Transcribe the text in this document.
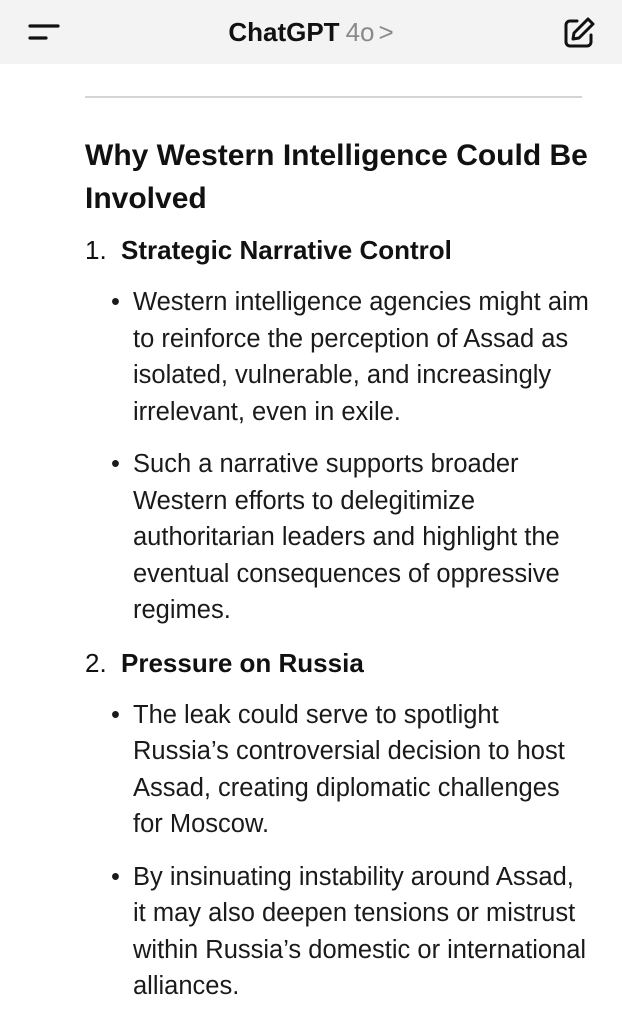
ChatGPT 4o >
Why Western Intelligence Could Be Involved
1. Strategic Narrative Control
• Western intelligence agencies might aim to reinforce the perception of Assad as isolated, vulnerable, and increasingly irrelevant, even in exile.
• Such a narrative supports broader Western efforts to delegitimize authoritarian leaders and highlight the eventual consequences of oppressive regimes.
2. Pressure on Russia
• The leak could serve to spotlight Russia’s controversial decision to host Assad, creating diplomatic challenges for Moscow.
• By insinuating instability around Assad, it may also deepen tensions or mistrust within Russia’s domestic or international alliances.
